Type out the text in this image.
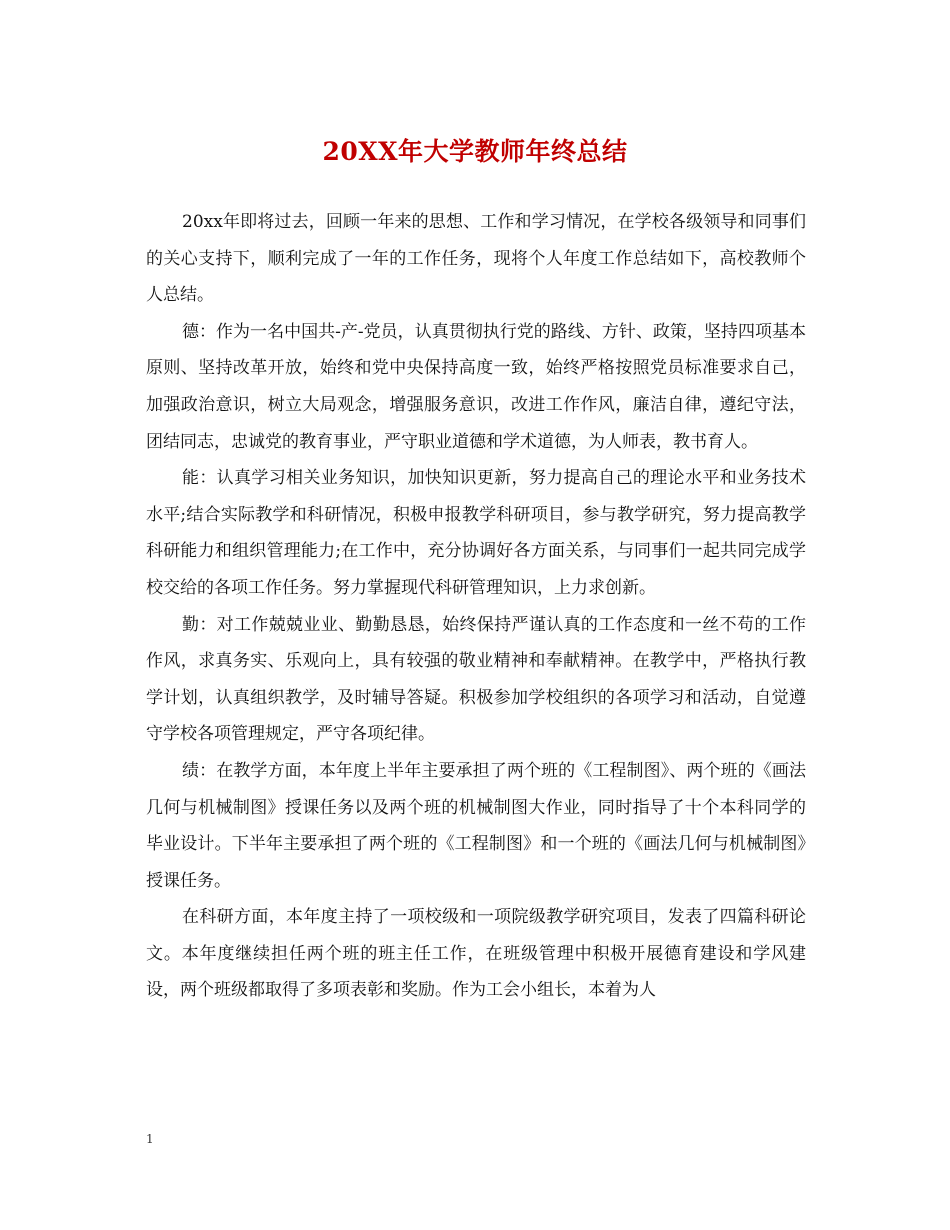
20XX年大学教师年终总结

20xx年即将过去，回顾一年来的思想、工作和学习情况，在学校各级领导和同事们的关心支持下，顺利完成了一年的工作任务，现将个人年度工作总结如下，高校教师个人总结。

德：作为一名中国共-产-党员，认真贯彻执行党的路线、方针、政策，坚持四项基本原则、坚持改革开放，始终和党中央保持高度一致，始终严格按照党员标准要求自己，加强政治意识，树立大局观念，增强服务意识，改进工作作风，廉洁自律，遵纪守法，团结同志，忠诚党的教育事业，严守职业道德和学术道德，为人师表，教书育人。

能：认真学习相关业务知识，加快知识更新，努力提高自己的理论水平和业务技术水平;结合实际教学和科研情况，积极申报教学科研项目，参与教学研究，努力提高教学科研能力和组织管理能力;在工作中，充分协调好各方面关系，与同事们一起共同完成学校交给的各项工作任务。努力掌握现代科研管理知识，上力求创新。

勤：对工作兢兢业业、勤勤恳恳，始终保持严谨认真的工作态度和一丝不苟的工作作风，求真务实、乐观向上，具有较强的敬业精神和奉献精神。在教学中，严格执行教学计划，认真组织教学，及时辅导答疑。积极参加学校组织的各项学习和活动，自觉遵守学校各项管理规定，严守各项纪律。

绩：在教学方面，本年度上半年主要承担了两个班的《工程制图》、两个班的《画法几何与机械制图》授课任务以及两个班的机械制图大作业，同时指导了十个本科同学的毕业设计。下半年主要承担了两个班的《工程制图》和一个班的《画法几何与机械制图》授课任务。

在科研方面，本年度主持了一项校级和一项院级教学研究项目，发表了四篇科研论文。本年度继续担任两个班的班主任工作，在班级管理中积极开展德育建设和学风建设，两个班级都取得了多项表彰和奖励。作为工会小组长，本着为人

1
